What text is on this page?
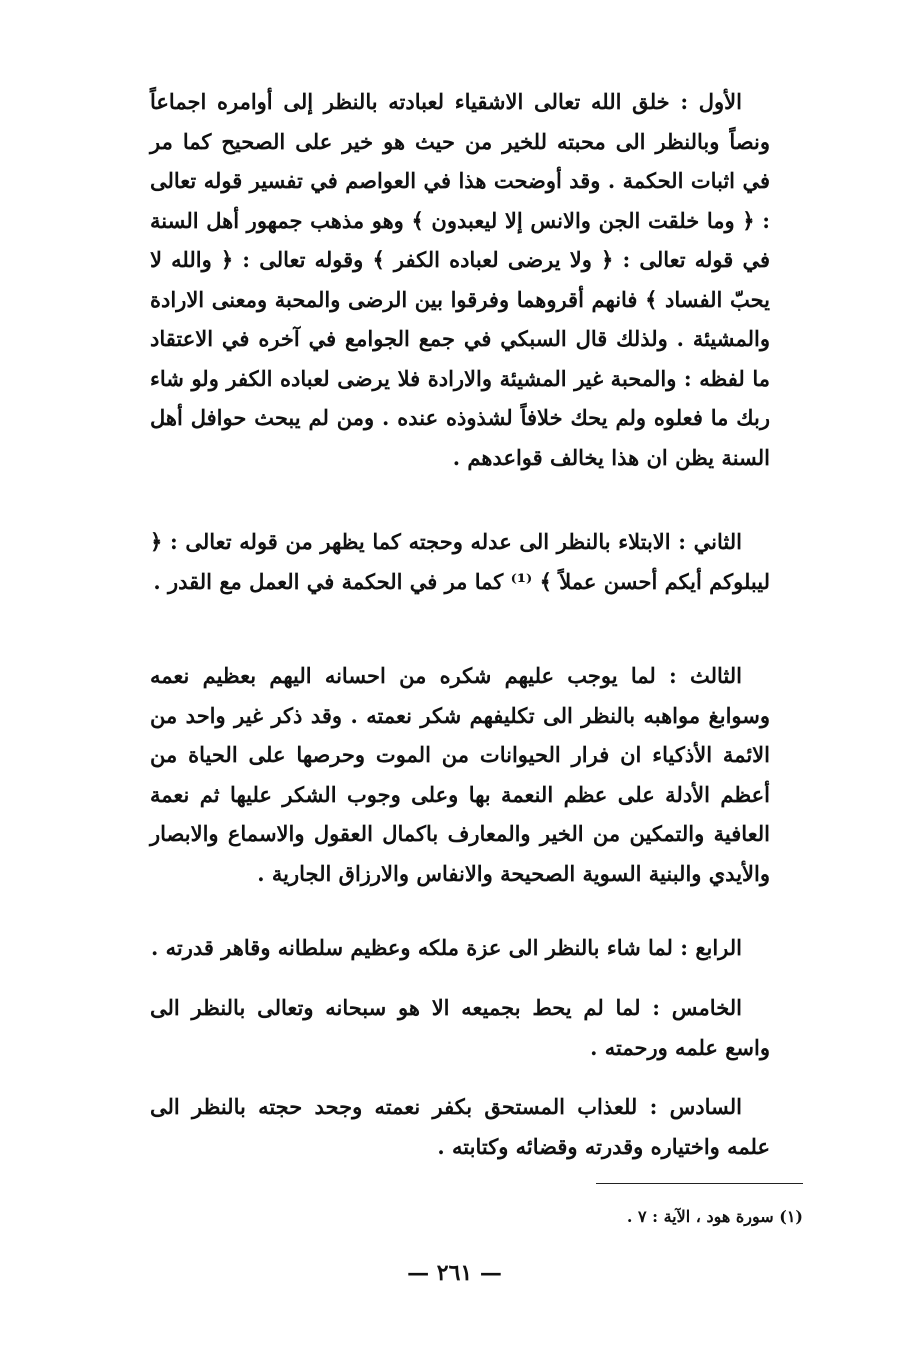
الأول : خلق الله تعالى الاشقياء لعبادته بالنظر إلى أوامره اجماعاً ونصاً وبالنظر الى محبته للخير من حيث هو خير على الصحيح كما مر في اثبات الحكمة . وقد أوضحت هذا في العواصم في تفسير قوله تعالى : ﴿ وما خلقت الجن والانس إلا ليعبدون ﴾ وهو مذهب جمهور أهل السنة في قوله تعالى : ﴿ ولا يرضى لعباده الكفر ﴾ وقوله تعالى : ﴿ والله لا يحبّ الفساد ﴾ فانهم أقروهما وفرقوا بين الرضى والمحبة ومعنى الارادة والمشيئة . ولذلك قال السبكي في جمع الجوامع في آخره في الاعتقاد ما لفظه : والمحبة غير المشيئة والارادة فلا يرضى لعباده الكفر ولو شاء ربك ما فعلوه ولم يحك خلافاً لشذوذه عنده . ومن لم يبحث حوافل أهل السنة يظن ان هذا يخالف قواعدهم .

الثاني : الابتلاء بالنظر الى عدله وحجته كما يظهر من قوله تعالى : ﴿ ليبلوكم أيكم أحسن عملاً ﴾ ⁽¹⁾ كما مر في الحكمة في العمل مع القدر .

الثالث : لما يوجب عليهم شكره من احسانه اليهم بعظيم نعمه وسوابغ مواهبه بالنظر الى تكليفهم شكر نعمته . وقد ذكر غير واحد من الائمة الأذكياء ان فرار الحيوانات من الموت وحرصها على الحياة من أعظم الأدلة على عظم النعمة بها وعلى وجوب الشكر عليها ثم نعمة العافية والتمكين من الخير والمعارف باكمال العقول والاسماع والابصار والأيدي والبنية السوية الصحيحة والانفاس والارزاق الجارية .

الرابع : لما شاء بالنظر الى عزة ملكه وعظيم سلطانه وقاهر قدرته .

الخامس : لما لم يحط بجميعه الا هو سبحانه وتعالى بالنظر الى واسع علمه ورحمته .

السادس : للعذاب المستحق بكفر نعمته وجحد حجته بالنظر الى علمه واختياره وقدرته وقضائه وكتابته .

(١) سورة هود ، الآية : ٧ .
— ٢٦١ —
